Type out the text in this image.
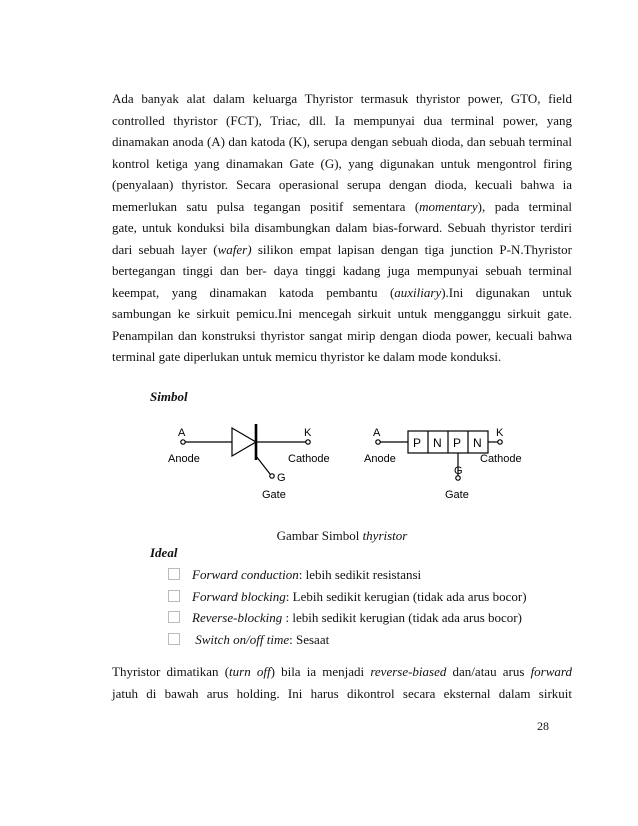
Ada banyak alat dalam keluarga Thyristor termasuk thyristor power, GTO, field
controlled thyristor (FCT), Triac, dll. Ia mempunyai dua terminal power, yang
dinamakan anoda (A) dan katoda (K), serupa dengan sebuah dioda, dan sebuah terminal
kontrol ketiga yang dinamakan Gate (G), yang digunakan untuk mengontrol firing
(penyalaan) thyristor. Secara operasional serupa dengan dioda, kecuali bahwa ia
memerlukan satu pulsa tegangan positif sementara (momentary), pada terminal
gate, untuk konduksi bila disambungkan dalam bias-forward. Sebuah thyristor terdiri
dari sebuah layer (wafer) silikon empat lapisan dengan tiga junction P-N.Thyristor
bertegangan tinggi dan ber- daya tinggi kadang juga mempunyai sebuah terminal
keempat, yang dinamakan katoda pembantu (auxiliary).Ini digunakan untuk
sambungan ke sirkuit pemicu.Ini mencegah sirkuit untuk mengganggu sirkuit gate.
Penampilan dan konstruksi thyristor sangat mirip dengan dioda power, kecuali bahwa
terminal gate diperlukan untuk memicu thyristor ke dalam mode konduksi.

Simbol

A
Anode
K
Cathode
G
Gate
P N P N
A
Anode
K
Cathode
G
Gate
Gambar Simbol thyristor

Ideal

Forward conduction: lebih sedikit resistansi
Forward blocking: Lebih sedikit kerugian (tidak ada arus bocor)
Reverse-blocking : lebih sedikit kerugian (tidak ada arus bocor)
Switch on/off time: Sesaat

Thyristor dimatikan (turn off) bila ia menjadi reverse-biased dan/atau arus forward
jatuh di bawah arus holding. Ini harus dikontrol secara eksternal dalam sirkuit

28
